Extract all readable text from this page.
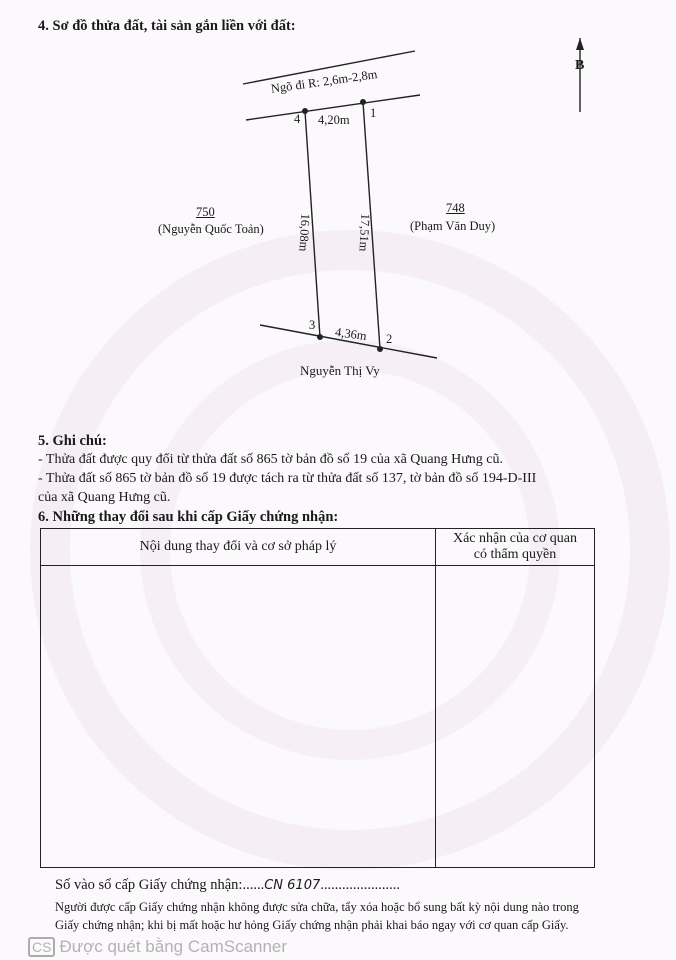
4. Sơ đồ thửa đất, tài sản gắn liền với đất:
B
Ngõ đi R: 2,6m-2,8m
4	1
3
2
4,20m
4,36m
16,08m	17,51m
750
(Nguyễn Quốc Toản)
748
(Phạm Văn Duy)
Nguyễn Thị Vy
5. Ghi chú:
- Thửa đất được quy đổi từ thửa đất số 865 tờ bản đồ số 19 của xã Quang Hưng cũ.
- Thửa đất số 865 tờ bản đồ số 19 được tách ra từ thửa đất số 137, tờ bản đồ số 194-D-III
của xã Quang Hưng cũ.
6. Những thay đổi sau khi cấp Giấy chứng nhận:
Nội dung thay đổi và cơ sở pháp lý	Xác nhận của cơ quan
có thẩm quyền

Số vào sổ cấp Giấy chứng nhận:......CN 6107......................
Người được cấp Giấy chứng nhận không được sửa chữa, tẩy xóa hoặc bổ sung bất kỳ nội dung nào trong
Giấy chứng nhận; khi bị mất hoặc hư hỏng Giấy chứng nhận phải khai báo ngay với cơ quan cấp Giấy.
CS Được quét bằng CamScanner
